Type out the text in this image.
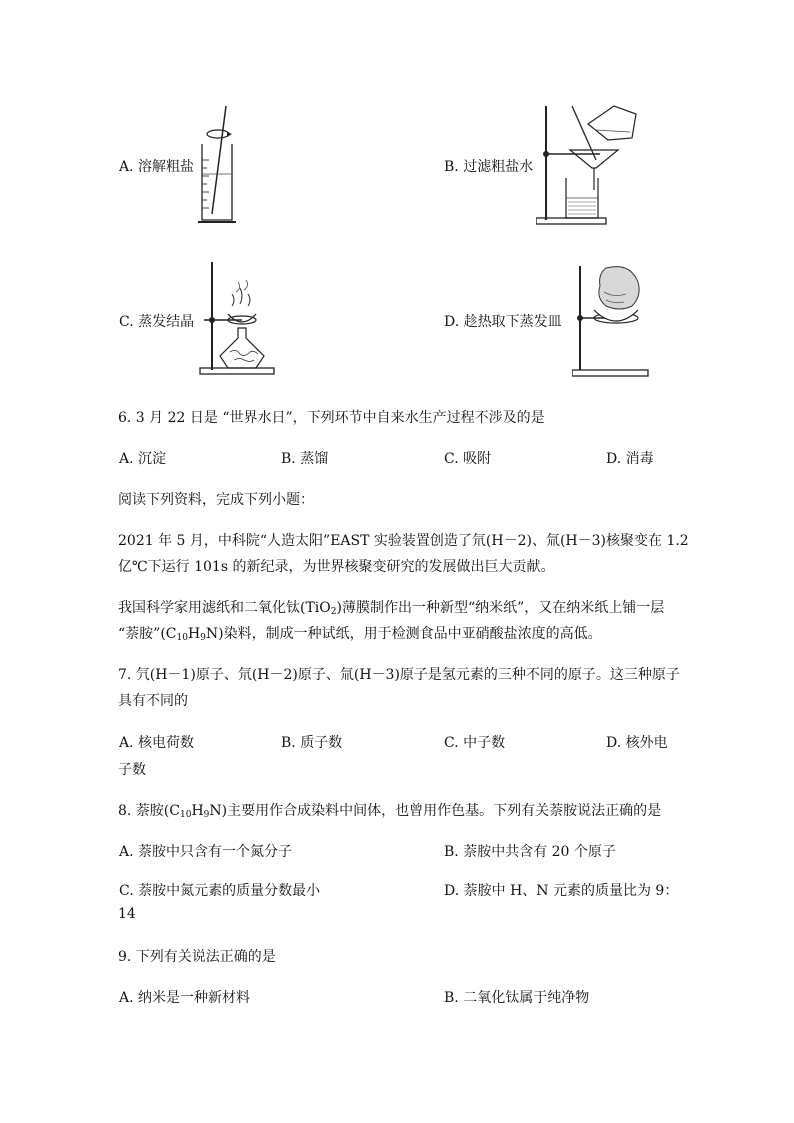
A. 溶解粗盐	B. 过滤粗盐水
C. 蒸发结晶	D. 趁热取下蒸发皿
6. 3 月 22 日是 “世界水日”，下列环节中自来水生产过程不涉及的是
A. 沉淀	B. 蒸馏	C. 吸附	D. 消毒
阅读下列资料，完成下列小题：
2021 年 5 月，中科院“人造太阳”EAST 实验装置创造了氘(H－2)、氚(H－3)核聚变在 1.2
亿℃下运行 101s 的新纪录，为世界核聚变研究的发展做出巨大贡献。
我国科学家用滤纸和二氧化钛(TiO$_2$)薄膜制作出一种新型“纳米纸”，又在纳米纸上铺一层
“萘胺$”(C_{10}H_9N)$染料，制成一种试纸，用于检测食品中亚硝酸盐浓度的高低。
7. 氕(H－1)原子、氘(H－2)原子、氚(H－3)原子是氢元素的三种不同的原子。这三种原子
具有不同的
A. 核电荷数	B. 质子数	C. 中子数	D. 核外电
子数
8. 萘胺$(C_{10}H_9N)$主要用作合成染料中间体，也曾用作色基。下列有关萘胺说法正确的是
A. 萘胺中只含有一个氮分子	B. 萘胺中共含有 20 个原子
C. 萘胺中氮元素的质量分数最小	D. 萘胺中 H、N 元素的质量比为 9：
14
9. 下列有关说法正确的是
A. 纳米是一种新材料	B. 二氧化钛属于纯净物
